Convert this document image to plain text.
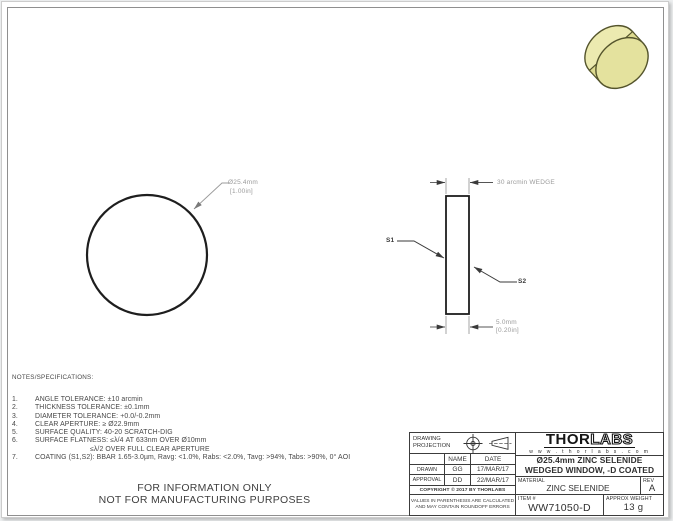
Ø25.4mm
[1.00in]
30 arcmin WEDGE
S1
S2
5.0mm
[0.20in]
NOTES/SPECIFICATIONS:
1.	ANGLE TOLERANCE: ±10 arcmin
2.	THICKNESS TOLERANCE: ±0.1mm
3.	DIAMETER TOLERANCE: +0.0/-0.2mm
4.	CLEAR APERTURE: ≥ Ø22.9mm
5.	SURFACE QUALITY: 40-20 SCRATCH-DIG
6.	SURFACE FLATNESS: ≤λ/4 AT 633nm OVER Ø10mm
≤λ/2 OVER FULL CLEAR APERTURE
7.	COATING (S1,S2): BBAR 1.65-3.0µm, Ravg: <1.0%, Rabs: <2.0%, Tavg: >94%, Tabs: >90%, 0° AOI
FOR INFORMATION ONLY
NOT FOR MANUFACTURING PURPOSES
DRAWING
PROJECTION
NAME	DATE
DRAWN	GG	17/MAR/17
APPROVAL	DD	22/MAR/17
COPYRIGHT © 2017 BY THORLABS
VALUES IN PARENTHESIS ARE CALCULATED
AND MAY CONTAIN ROUNDOFF ERRORS
THORLABS
w w w . t h o r l a b s . c o m
Ø25.4mm ZINC SELENIDE
WEDGED WINDOW, -D COATED
MATERIAL
ZINC SELENIDE
REV
A
ITEM #
WW71050-D
APPROX WEIGHT
13 g
